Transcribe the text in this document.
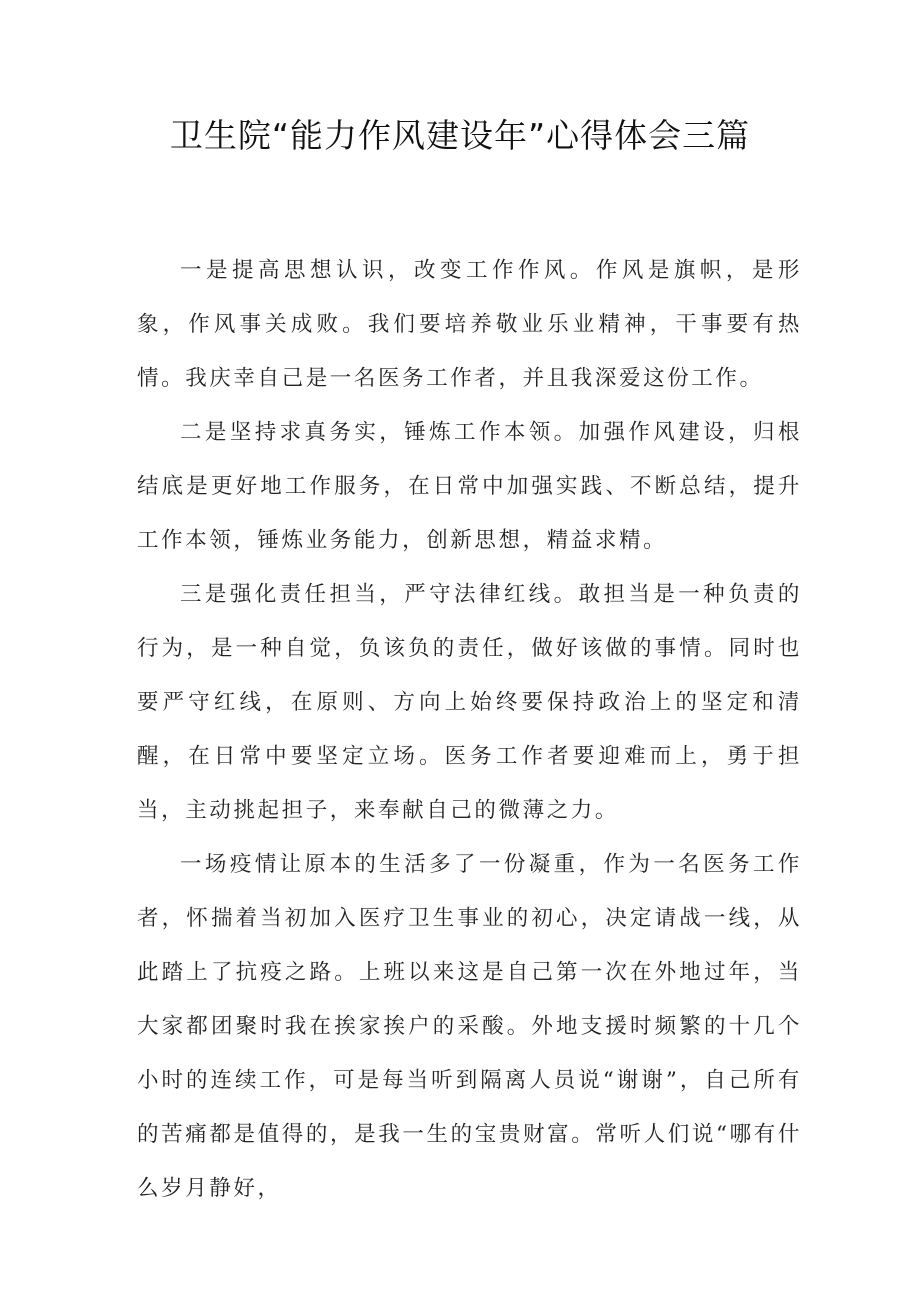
卫生院“能力作风建设年”心得体会三篇

一是提高思想认识，改变工作作风。作风是旗帜，是形象，作风事关成败。我们要培养敬业乐业精神，干事要有热情。我庆幸自己是一名医务工作者，并且我深爱这份工作。

二是坚持求真务实，锤炼工作本领。加强作风建设，归根结底是更好地工作服务，在日常中加强实践、不断总结，提升工作本领，锤炼业务能力，创新思想，精益求精。

三是强化责任担当，严守法律红线。敢担当是一种负责的行为，是一种自觉，负该负的责任，做好该做的事情。同时也要严守红线，在原则、方向上始终要保持政治上的坚定和清醒，在日常中要坚定立场。医务工作者要迎难而上，勇于担当，主动挑起担子，来奉献自己的微薄之力。

一场疫情让原本的生活多了一份凝重，作为一名医务工作者，怀揣着当初加入医疗卫生事业的初心，决定请战一线，从此踏上了抗疫之路。上班以来这是自己第一次在外地过年，当大家都团聚时我在挨家挨户的采酸。外地支援时频繁的十几个小时的连续工作，可是每当听到隔离人员说“谢谢”，自己所有的苦痛都是值得的，是我一生的宝贵财富。常听人们说“哪有什么岁月静好，
